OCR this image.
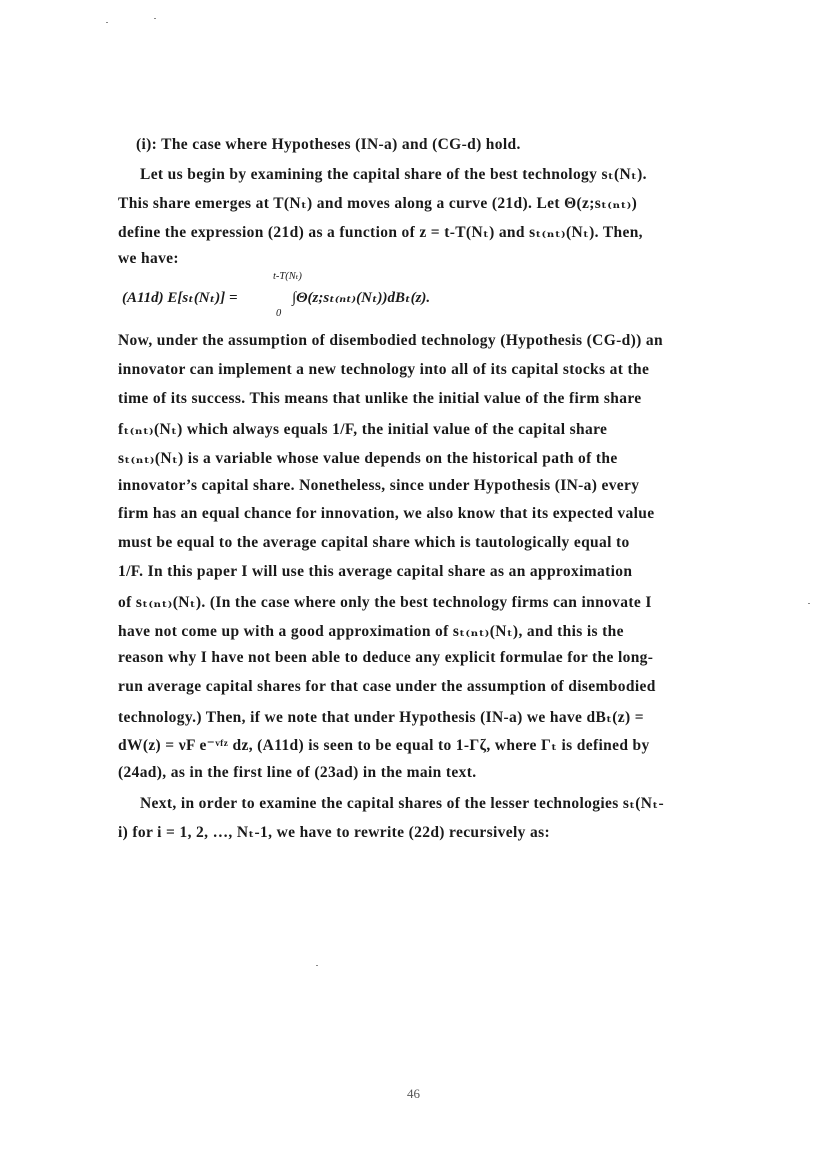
(i): The case where Hypotheses (IN-a) and (CG-d) hold.
Let us begin by examining the capital share of the best technology sₜ(Nₜ).
This share emerges at T(Nₜ) and moves along a curve (21d). Let Θ(z;sₜ₍ₙₜ₎)
define the expression (21d) as a function of z = t-T(Nₜ) and sₜ₍ₙₜ₎(Nₜ). Then,
we have:
t-T(Nₜ)
(A11d) E[sₜ(Nₜ)] =	∫Θ(z;sₜ₍ₙₜ₎(Nₜ))dBₜ(z).
0
Now, under the assumption of disembodied technology (Hypothesis (CG-d)) an
innovator can implement a new technology into all of its capital stocks at the
time of its success. This means that unlike the initial value of the firm share
fₜ₍ₙₜ₎(Nₜ) which always equals 1/F, the initial value of the capital share
sₜ₍ₙₜ₎(Nₜ) is a variable whose value depends on the historical path of the
innovator’s capital share. Nonetheless, since under Hypothesis (IN-a) every
firm has an equal chance for innovation, we also know that its expected value
must be equal to the average capital share which is tautologically equal to
1/F. In this paper I will use this average capital share as an approximation
of sₜ₍ₙₜ₎(Nₜ). (In the case where only the best technology firms can innovate I
have not come up with a good approximation of sₜ₍ₙₜ₎(Nₜ), and this is the
reason why I have not been able to deduce any explicit formulae for the long-
run average capital shares for that case under the assumption of disembodied
technology.) Then, if we note that under Hypothesis (IN-a) we have dBₜ(z) =
dW(z) = νF e⁻ᵛᶠᶻ dz, (A11d) is seen to be equal to 1-Γζ, where Γₜ is defined by
(24ad), as in the first line of (23ad) in the main text.
Next, in order to examine the capital shares of the lesser technologies sₜ(Nₜ-
i) for i = 1, 2, …, Nₜ-1, we have to rewrite (22d) recursively as:
46
